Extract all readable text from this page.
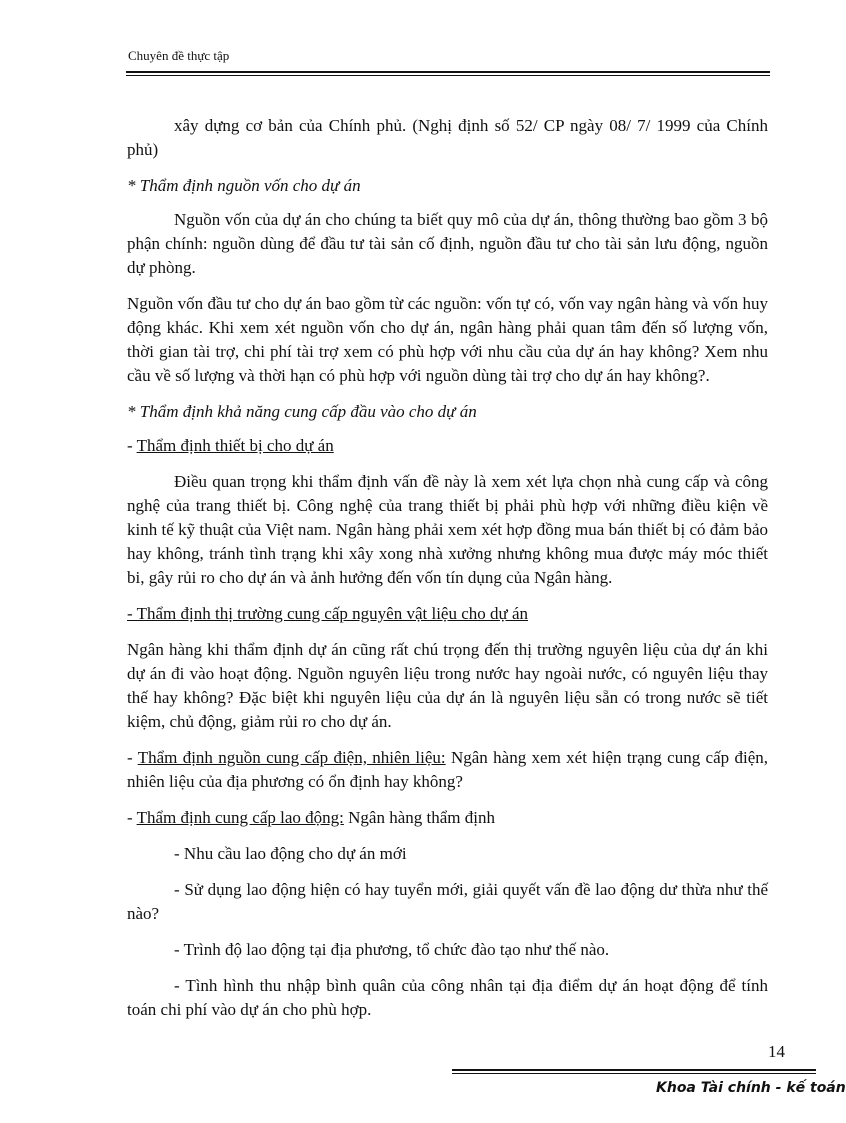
Chuyên đề thực tập

xây dựng cơ bản của Chính phủ. (Nghị định số 52/ CP ngày 08/ 7/ 1999 của Chính phủ)

* Thẩm định nguồn vốn cho dự án

Nguồn vốn của dự án cho chúng ta biết quy mô của dự án, thông thường bao gồm 3 bộ phận chính: nguồn dùng để đầu tư tài sản cố định, nguồn đầu tư cho tài sản lưu động, nguồn dự phòng.

Nguồn vốn đầu tư cho dự án bao gồm từ các nguồn: vốn tự có, vốn vay ngân hàng và vốn huy động khác. Khi xem xét nguồn vốn cho dự án, ngân hàng phải quan tâm đến số lượng vốn, thời gian tài trợ, chi phí tài trợ xem có phù hợp với nhu cầu của dự án hay không? Xem nhu cầu về số lượng và thời hạn có phù hợp với nguồn dùng tài trợ cho dự án hay không?.

* Thẩm định khả năng cung cấp đầu vào cho dự án

- Thẩm định thiết bị cho dự án

Điều quan trọng khi thẩm định vấn đề này là xem xét lựa chọn nhà cung cấp và công nghệ của trang thiết bị. Công nghệ của trang thiết bị phải phù hợp với những điều kiện về kinh tế kỹ thuật của Việt nam. Ngân hàng phải xem xét hợp đồng mua bán thiết bị có đảm bảo hay không, tránh tình trạng khi xây xong nhà xưởng nhưng không mua được máy móc thiết bi, gây rủi ro cho dự án và ảnh hưởng đến vốn tín dụng của Ngân hàng.

- Thẩm định thị trường cung cấp nguyên vật liệu cho dự án

Ngân hàng khi thẩm định dự án cũng rất chú trọng đến thị trường nguyên liệu của dự án khi dự án đi vào hoạt động. Nguồn nguyên liệu trong nước hay ngoài nước, có nguyên liệu thay thế hay không? Đặc biệt khi nguyên liệu của dự án là nguyên liệu sẵn có trong nước sẽ tiết kiệm, chủ động, giảm rủi ro cho dự án.

- Thẩm định nguồn cung cấp điện, nhiên liệu: Ngân hàng xem xét hiện trạng cung cấp điện, nhiên liệu của địa phương có ổn định hay không?

- Thẩm định cung cấp lao động: Ngân hàng thẩm định

- Nhu cầu lao động cho dự án mới

- Sử dụng lao động hiện có hay tuyển mới, giải quyết vấn đề lao động dư thừa như thế nào?

- Trình độ lao động tại địa phương, tổ chức đào tạo như thế nào.

- Tình hình thu nhập bình quân của công nhân tại địa điểm dự án hoạt động để tính toán chi phí vào dự án cho phù hợp.

14
Khoa Tài chính - kế toán
